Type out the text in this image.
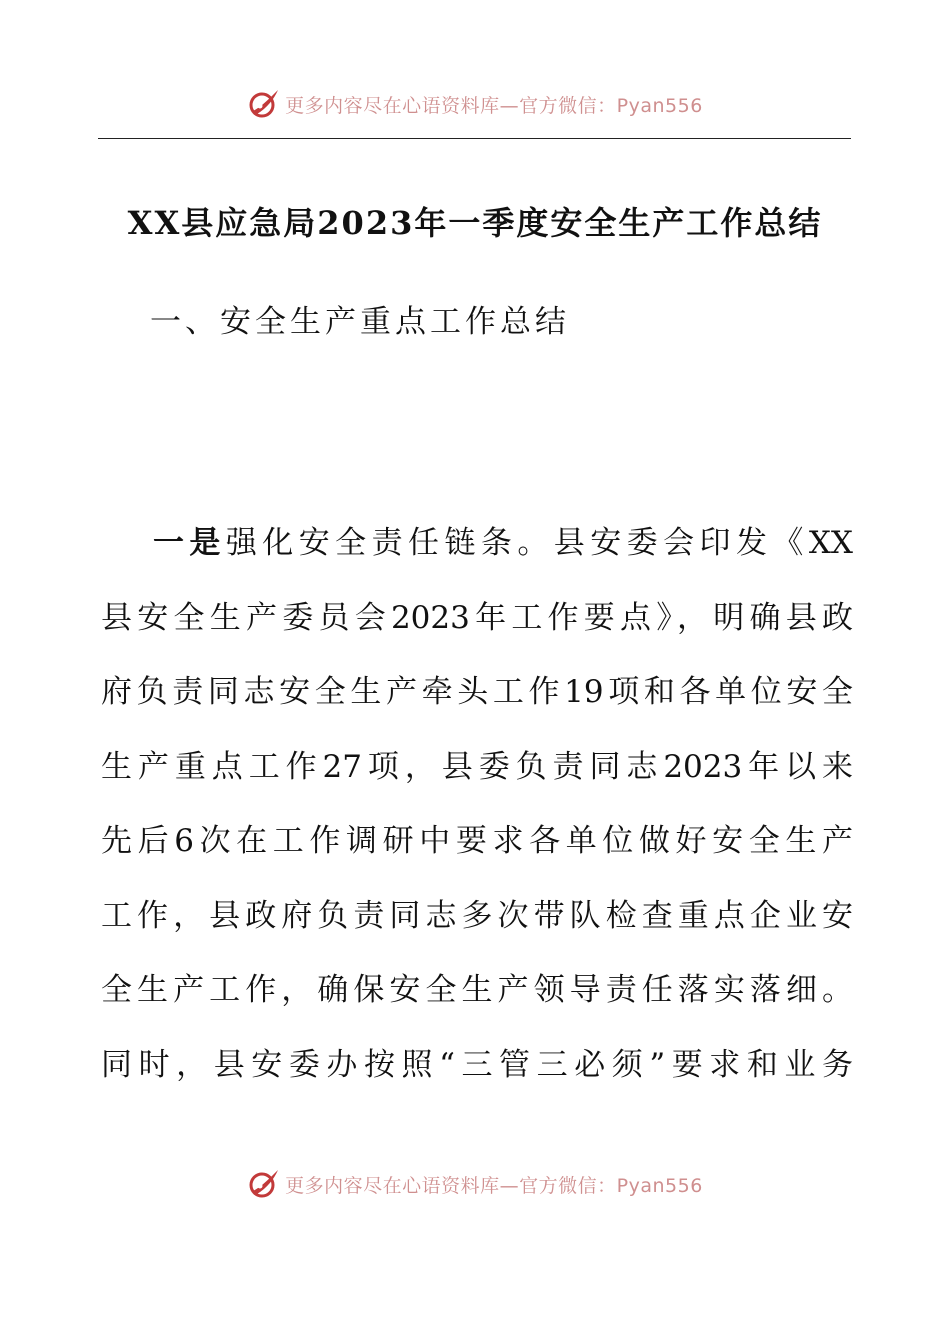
更多内容尽在心语资料库—官方微信：Pyan556
XX县应急局2023年一季度安全生产工作总结
一、安全生产重点工作总结
一是强化安全责任链条。县安委会印发《XX
县安全生产委员会2023年工作要点》，明确县政
府负责同志安全生产牵头工作19项和各单位安全
生产重点工作27项，县委负责同志2023年以来
先后6次在工作调研中要求各单位做好安全生产
工作，县政府负责同志多次带队检查重点企业安
全生产工作，确保安全生产领导责任落实落细。
同时，县安委办按照“三管三必须”要求和业务
更多内容尽在心语资料库—官方微信：Pyan556
